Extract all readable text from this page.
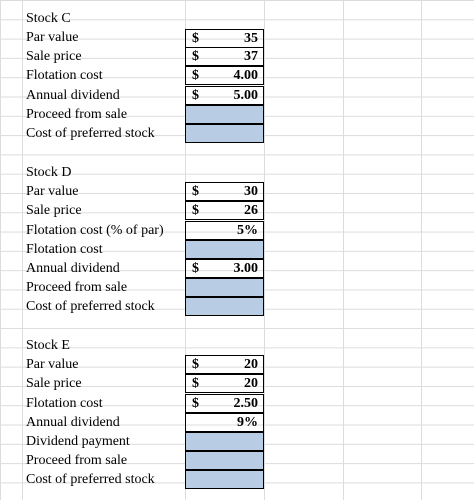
Stock C
Par value	$	35
Sale price	$	37
Flotation cost	$ 4.00
Annual dividend	$ 5.00
Proceed from sale
Cost of preferred stock
Stock D
Par value	$	30
Sale price	$	26
Flotation cost (% of par)	5%
Flotation cost
Annual dividend	$ 3.00
Proceed from sale
Cost of preferred stock
Stock E
Par value	$	20
Sale price	$	20
Flotation cost	$ 2.50
Annual dividend	9%
Dividend payment
Proceed from sale
Cost of preferred stock
